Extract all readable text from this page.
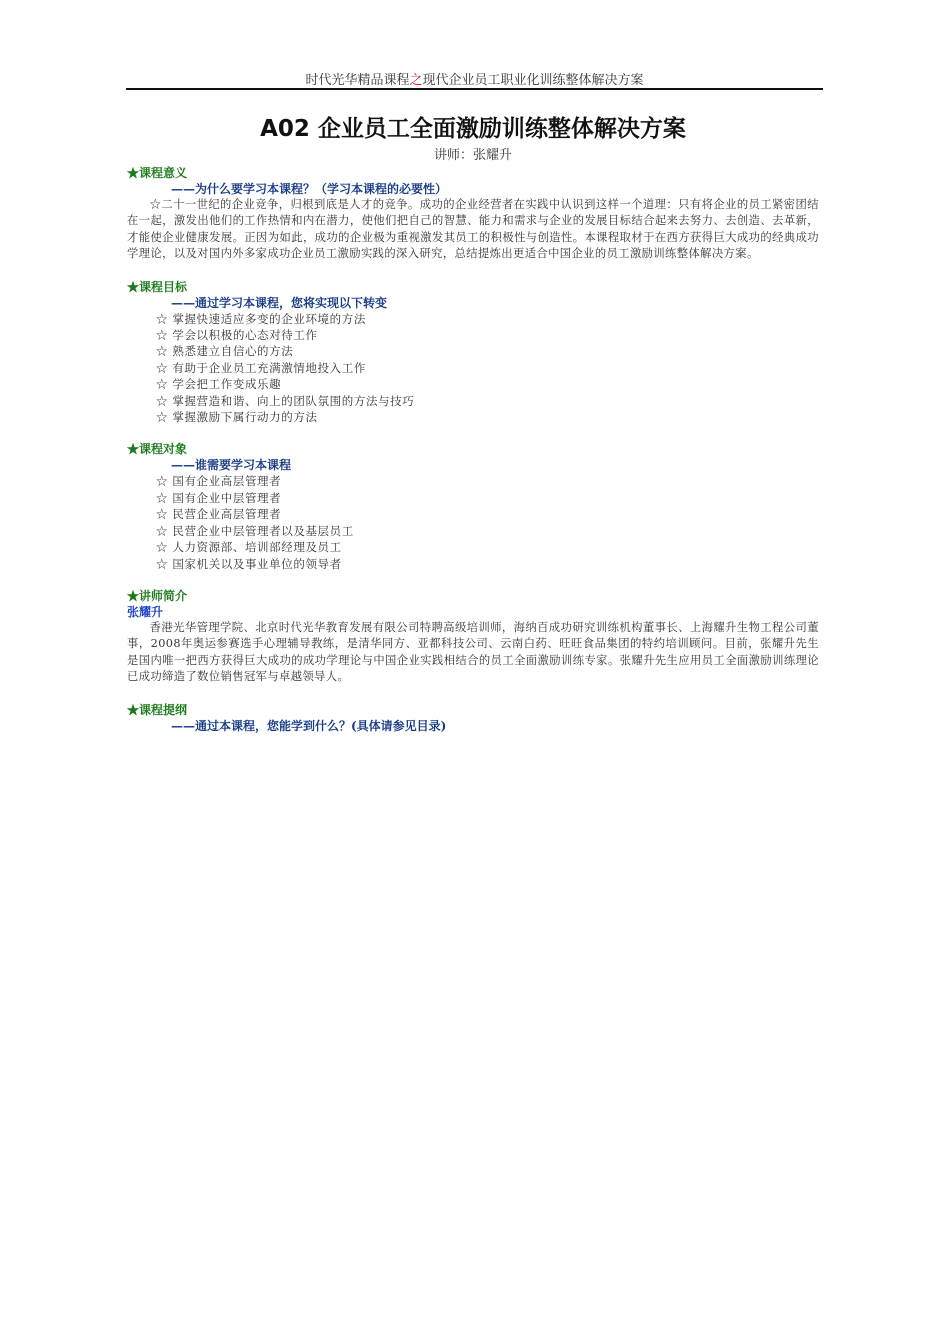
时代光华精品课程之现代企业员工职业化训练整体解决方案
A02 企业员工全面激励训练整体解决方案
讲师：张耀升
★课程意义
——为什么要学习本课程？（学习本课程的必要性）

☆二十一世纪的企业竞争，归根到底是人才的竞争。成功的企业经营者在实践中认识到这样一个道理：只有将企业的员工紧密团结在一起，激发出他们的工作热情和内在潜力，使他们把自己的智慧、能力和需求与企业的发展目标结合起来去努力、去创造、去革新，才能使企业健康发展。正因为如此，成功的企业极为重视激发其员工的积极性与创造性。本课程取材于在西方获得巨大成功的经典成功学理论，以及对国内外多家成功企业员工激励实践的深入研究，总结提炼出更适合中国企业的员工激励训练整体解决方案。

★课程目标
——通过学习本课程，您将实现以下转变
☆ 掌握快速适应多变的企业环境的方法
☆ 学会以积极的心态对待工作
☆ 熟悉建立自信心的方法
☆ 有助于企业员工充满激情地投入工作
☆ 学会把工作变成乐趣
☆ 掌握营造和谐、向上的团队氛围的方法与技巧
☆ 掌握激励下属行动力的方法
★课程对象
——谁需要学习本课程
☆ 国有企业高层管理者
☆ 国有企业中层管理者
☆ 民营企业高层管理者
☆ 民营企业中层管理者以及基层员工
☆ 人力资源部、培训部经理及员工
☆ 国家机关以及事业单位的领导者
★讲师简介
张耀升

香港光华管理学院、北京时代光华教育发展有限公司特聘高级培训师，海纳百成功研究训练机构董事长、上海耀升生物工程公司董事，2008年奥运参赛选手心理辅导教练，是清华同方、亚都科技公司、云南白药、旺旺食品集团的特约培训顾问。目前，张耀升先生是国内唯一把西方获得巨大成功的成功学理论与中国企业实践相结合的员工全面激励训练专家。张耀升先生应用员工全面激励训练理论已成功缔造了数位销售冠军与卓越领导人。

★课程提纲
——通过本课程，您能学到什么？(具体请参见目录)
